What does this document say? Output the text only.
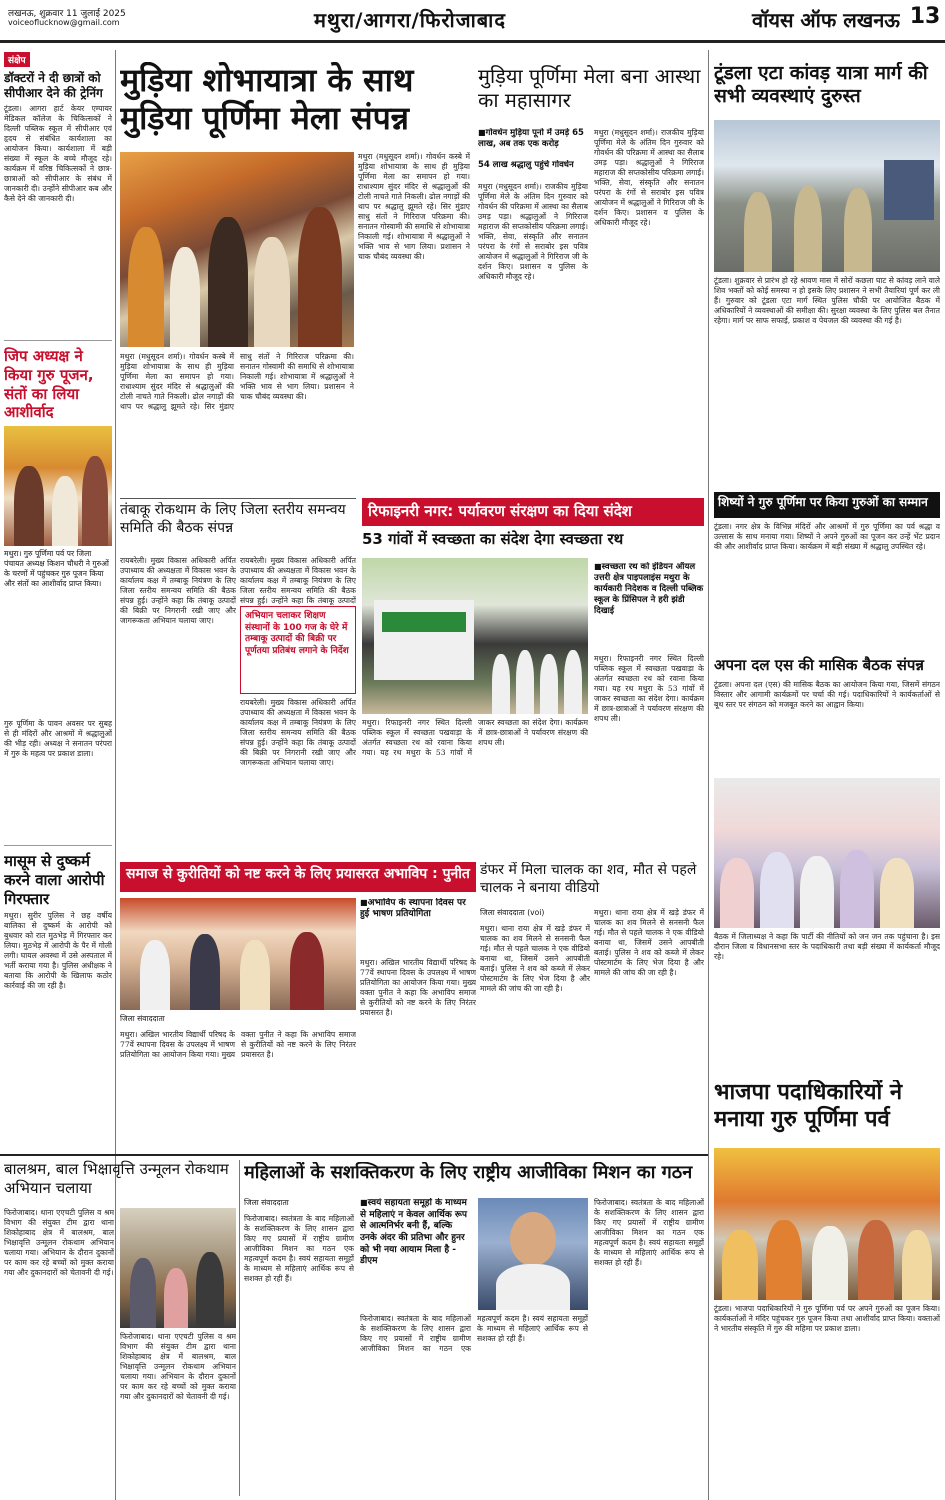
लखनऊ, शुक्रवार 11 जुलाई 2025
voiceoflucknow@gmail.com	मथुरा/आगरा/फिरोजाबाद	वॉयस ऑफ लखनऊ 13
संक्षेप
डॉक्टरों ने दी छात्रों को सीपीआर देने की ट्रेनिंग
टूंडला। आगरा हार्ट केयर एम्पायर मेडिकल कॉलेज के चिकित्सकों ने दिल्ली पब्लिक स्कूल में सीपीआर एवं हृदय से संबंधित कार्यशाला का आयोजन किया। कार्यशाला में बड़ी संख्या में स्कूल के बच्चे मौजूद रहे। कार्यक्रम में वरिष्ठ चिकित्सकों ने छात्र-छात्राओं को सीपीआर के संबंध में जानकारी दी। उन्होंने सीपीआर कब और कैसे देने की जानकारी दी।
जिप अध्यक्ष ने किया गुरु पूजन, संतों का लिया आशीर्वाद
मथुरा। गुरु पूर्णिमा पर्व पर जिला पंचायत अध्यक्ष किशन चौधरी ने गुरुओं के चरणों में पहुंचकर गुरु पूजन किया और संतों का आशीर्वाद प्राप्त किया।
गुरु पूर्णिमा के पावन अवसर पर सुबह से ही मंदिरों और आश्रमों में श्रद्धालुओं की भीड़ रही। अध्यक्ष ने सनातन परंपरा में गुरु के महत्व पर प्रकाश डाला।
मासूम से दुष्कर्म करने वाला आरोपी गिरफ्तार
मथुरा। सुरीर पुलिस ने छह वर्षीय बालिका से दुष्कर्म के आरोपी को बुधवार को रात मुठभेड़ में गिरफ्तार कर लिया। मुठभेड़ में आरोपी के पैर में गोली लगी। घायल अवस्था में उसे अस्पताल में भर्ती कराया गया है। पुलिस अधीक्षक ने बताया कि आरोपी के खिलाफ कठोर कार्रवाई की जा रही है।
मुड़िया शोभायात्रा के साथ मुड़िया पूर्णिमा मेला संपन्न
मथुरा (मधुसूदन शर्मा)। गोवर्धन कस्बे में मुड़िया शोभायात्रा के साथ ही मुड़िया पूर्णिमा मेला का समापन हो गया। राधाश्याम सुंदर मंदिर से श्रद्धालुओं की टोली नाचते गाते निकली। ढोल नगाड़ों की थाप पर श्रद्धालु झूमते रहे। सिर मुंडाए साधु संतों ने गिरिराज परिक्रमा की। सनातन गोस्वामी की समाधि से शोभायात्रा निकाली गई। शोभायात्रा में श्रद्धालुओं ने भक्ति भाव से भाग लिया। प्रशासन ने चाक चौबंद व्यवस्था की।
मथुरा (मधुसूदन शर्मा)। गोवर्धन कस्बे में मुड़िया शोभायात्रा के साथ ही मुड़िया पूर्णिमा मेला का समापन हो गया। राधाश्याम सुंदर मंदिर से श्रद्धालुओं की टोली नाचते गाते निकली। ढोल नगाड़ों की थाप पर श्रद्धालु झूमते रहे। सिर मुंडाए साधु संतों ने गिरिराज परिक्रमा की। सनातन गोस्वामी की समाधि से शोभायात्रा निकाली गई। शोभायात्रा में श्रद्धालुओं ने भक्ति भाव से भाग लिया। प्रशासन ने चाक चौबंद व्यवस्था की।
मुड़िया पूर्णिमा मेला बना आस्था का महासागर
■ गोवर्धन मुड़िया पूनो में उमड़े 65 लाख, अब तक एक करोड़
54 लाख श्रद्धालु पहुंचे गोवर्धन
मथुरा (मधुसूदन शर्मा)। राजकीय मुड़िया पूर्णिमा मेले के अंतिम दिन गुरुवार को गोवर्धन की परिक्रमा में आस्था का सैलाब उमड़ पड़ा। श्रद्धालुओं ने गिरिराज महाराज की सप्तकोसीय परिक्रमा लगाई। भक्ति, सेवा, संस्कृति और सनातन परंपरा के रंगों से सराबोर इस पवित्र आयोजन में श्रद्धालुओं ने गिरिराज जी के दर्शन किए। प्रशासन व पुलिस के अधिकारी मौजूद रहे।
मथुरा (मधुसूदन शर्मा)। राजकीय मुड़िया पूर्णिमा मेले के अंतिम दिन गुरुवार को गोवर्धन की परिक्रमा में आस्था का सैलाब उमड़ पड़ा। श्रद्धालुओं ने गिरिराज महाराज की सप्तकोसीय परिक्रमा लगाई। भक्ति, सेवा, संस्कृति और सनातन परंपरा के रंगों से सराबोर इस पवित्र आयोजन में श्रद्धालुओं ने गिरिराज जी के दर्शन किए। प्रशासन व पुलिस के अधिकारी मौजूद रहे।
टूंडला एटा कांवड़ यात्रा मार्ग की सभी व्यवस्थाएं दुरुस्त
टूंडला। शुक्रवार से प्रारंभ हो रहे श्रावण मास में सोरों कछला घाट से कांवड़ लाने वाले शिव भक्तों को कोई समस्या न हो इसके लिए प्रशासन ने सभी तैयारियां पूर्ण कर ली हैं। गुरुवार को टूंडला एटा मार्ग स्थित पुलिस चौकी पर आयोजित बैठक में अधिकारियों ने व्यवस्थाओं की समीक्षा की। सुरक्षा व्यवस्था के लिए पुलिस बल तैनात रहेगा। मार्ग पर साफ सफाई, प्रकाश व पेयजल की व्यवस्था की गई है।
शिष्यों ने गुरु पूर्णिमा पर किया गुरुओं का सम्मान
टूंडला। नगर क्षेत्र के विभिन्न मंदिरों और आश्रमों में गुरु पूर्णिमा का पर्व श्रद्धा व उल्लास के साथ मनाया गया। शिष्यों ने अपने गुरुओं का पूजन कर उन्हें भेंट प्रदान की और आशीर्वाद प्राप्त किया। कार्यक्रम में बड़ी संख्या में श्रद्धालु उपस्थित रहे।
अपना दल एस की मासिक बैठक संपन्न
टूंडला। अपना दल (एस) की मासिक बैठक का आयोजन किया गया, जिसमें संगठन विस्तार और आगामी कार्यक्रमों पर चर्चा की गई। पदाधिकारियों ने कार्यकर्ताओं से बूथ स्तर पर संगठन को मजबूत करने का आह्वान किया।
बैठक में जिलाध्यक्ष ने कहा कि पार्टी की नीतियों को जन जन तक पहुंचाना है। इस दौरान जिला व विधानसभा स्तर के पदाधिकारी तथा बड़ी संख्या में कार्यकर्ता मौजूद रहे।
भाजपा पदाधिकारियों ने मनाया गुरु पूर्णिमा पर्व
टूंडला। भाजपा पदाधिकारियों ने गुरु पूर्णिमा पर्व पर अपने गुरुओं का पूजन किया। कार्यकर्ताओं ने मंदिर पहुंचकर गुरु पूजन किया तथा आशीर्वाद प्राप्त किया। वक्ताओं ने भारतीय संस्कृति में गुरु की महिमा पर प्रकाश डाला।
तंबाकू रोकथाम के लिए जिला स्तरीय समन्वय समिति की बैठक संपन्न
रायबरेली। मुख्य विकास अधिकारी अर्पित उपाध्याय की अध्यक्षता में विकास भवन के कार्यालय कक्ष में तम्बाकू नियंत्रण के लिए जिला स्तरीय समन्वय समिति की बैठक संपन्न हुई। उन्होंने कहा कि तंबाकू उत्पादों की बिक्री पर निगरानी रखी जाए और जागरूकता अभियान चलाया जाए।
रायबरेली। मुख्य विकास अधिकारी अर्पित उपाध्याय की अध्यक्षता में विकास भवन के कार्यालय कक्ष में तम्बाकू नियंत्रण के लिए जिला स्तरीय समन्वय समिति की बैठक संपन्न हुई। उन्होंने कहा कि तंबाकू उत्पादों
अभियान चलाकर शिक्षण संस्थानों के 100 गज के घेरे में तम्बाकू उत्पादों की बिक्री पर पूर्णतया प्रतिबंध लगाने के निर्देश
रायबरेली। मुख्य विकास अधिकारी अर्पित उपाध्याय की अध्यक्षता में विकास भवन के कार्यालय कक्ष में तम्बाकू नियंत्रण के लिए जिला स्तरीय समन्वय समिति की बैठक संपन्न हुई। उन्होंने कहा कि तंबाकू उत्पादों की बिक्री पर निगरानी रखी जाए और जागरूकता अभियान चलाया जाए।
रिफाइनरी नगर: पर्यावरण संरक्षण का दिया संदेश
53 गांवों में स्वच्छता का संदेश देगा स्वच्छता रथ
■ स्वच्छता रथ को इंडियन ऑयल उत्तरी क्षेत्र पाइपलाइंस मथुरा के कार्यकारी निदेशक व दिल्ली पब्लिक स्कूल के प्रिंसिपल ने हरी झंडी दिखाई
मथुरा। रिफाइनरी नगर स्थित दिल्ली पब्लिक स्कूल में स्वच्छता पखवाड़ा के अंतर्गत स्वच्छता रथ को रवाना किया गया। यह रथ मथुरा के 53 गांवों में जाकर स्वच्छता का संदेश देगा। कार्यक्रम में छात्र-छात्राओं ने पर्यावरण संरक्षण की शपथ ली।
मथुरा। रिफाइनरी नगर स्थित दिल्ली पब्लिक स्कूल में स्वच्छता पखवाड़ा के अंतर्गत स्वच्छता रथ को रवाना किया गया। यह रथ मथुरा के 53 गांवों में जाकर स्वच्छता का संदेश देगा। कार्यक्रम में छात्र-छात्राओं ने पर्यावरण संरक्षण की शपथ ली।
समाज से कुरीतियों को नष्ट करने के लिए प्रयासरत अभाविप : पुनीत
■ अभाविप के स्थापना दिवस पर हुई भाषण प्रतियोगिता
मथुरा। अखिल भारतीय विद्यार्थी परिषद के 77वें स्थापना दिवस के उपलक्ष्य में भाषण प्रतियोगिता का आयोजन किया गया। मुख्य वक्ता पुनीत ने कहा कि अभाविप समाज से कुरीतियों को नष्ट करने के लिए निरंतर प्रयासरत है।
जिला संवाददाता
मथुरा। अखिल भारतीय विद्यार्थी परिषद के 77वें स्थापना दिवस के उपलक्ष्य में भाषण प्रतियोगिता का आयोजन किया गया। मुख्य वक्ता पुनीत ने कहा कि अभाविप समाज से कुरीतियों को नष्ट करने के लिए निरंतर प्रयासरत है।
डंफर में मिला चालक का शव, मौत से पहले चालक ने बनाया वीडियो
जिला संवाददाता (voi)
मथुरा। थाना राया क्षेत्र में खड़े डंफर में चालक का शव मिलने से सनसनी फैल गई। मौत से पहले चालक ने एक वीडियो बनाया था, जिसमें उसने आपबीती बताई। पुलिस ने शव को कब्जे में लेकर पोस्टमार्टम के लिए भेज दिया है और मामले की जांच की जा रही है।
मथुरा। थाना राया क्षेत्र में खड़े डंफर में चालक का शव मिलने से सनसनी फैल गई। मौत से पहले चालक ने एक वीडियो बनाया था, जिसमें उसने आपबीती बताई। पुलिस ने शव को कब्जे में लेकर पोस्टमार्टम के लिए भेज दिया है और मामले की जांच की जा रही है।
बालश्रम, बाल भिक्षावृत्ति उन्मूलन रोकथाम अभियान चलाया
फिरोजाबाद। थाना एएचटी पुलिस व श्रम विभाग की संयुक्त टीम द्वारा थाना शिकोहाबाद क्षेत्र में बालश्रम, बाल भिक्षावृत्ति उन्मूलन रोकथाम अभियान चलाया गया। अभियान के दौरान दुकानों पर काम कर रहे बच्चों को मुक्त कराया गया और दुकानदारों को चेतावनी दी गई।
फिरोजाबाद। थाना एएचटी पुलिस व श्रम विभाग की संयुक्त टीम द्वारा थाना शिकोहाबाद क्षेत्र में बालश्रम, बाल भिक्षावृत्ति उन्मूलन रोकथाम अभियान चलाया गया। अभियान के दौरान दुकानों पर काम कर रहे बच्चों को मुक्त कराया गया और दुकानदारों को चेतावनी दी गई।
महिलाओं के सशक्तिकरण के लिए राष्ट्रीय आजीविका मिशन का गठन
जिला संवाददाता
फिरोजाबाद। स्वतंत्रता के बाद महिलाओं के सशक्तिकरण के लिए शासन द्वारा किए गए प्रयासों में राष्ट्रीय ग्रामीण आजीविका मिशन का गठन एक महत्वपूर्ण कदम है। स्वयं सहायता समूहों के माध्यम से महिलाएं आर्थिक रूप से सशक्त हो रही हैं।
■ स्वयं सहायता समूहों के माध्यम से महिलाएं न केवल आर्थिक रूप से आत्मनिर्भर बनी हैं, बल्कि उनके अंदर की प्रतिभा और हुनर को भी नया आयाम मिला है - डीएम
फिरोजाबाद। स्वतंत्रता के बाद महिलाओं के सशक्तिकरण के लिए शासन द्वारा किए गए प्रयासों में राष्ट्रीय ग्रामीण आजीविका मिशन का गठन एक महत्वपूर्ण कदम है। स्वयं सहायता समूहों के माध्यम से महिलाएं आर्थिक रूप से सशक्त हो रही हैं।
फिरोजाबाद। स्वतंत्रता के बाद महिलाओं के सशक्तिकरण के लिए शासन द्वारा किए गए प्रयासों में राष्ट्रीय ग्रामीण आजीविका मिशन का गठन एक महत्वपूर्ण कदम है। स्वयं सहायता समूहों के माध्यम से महिलाएं आर्थिक रूप से सशक्त हो रही हैं।
